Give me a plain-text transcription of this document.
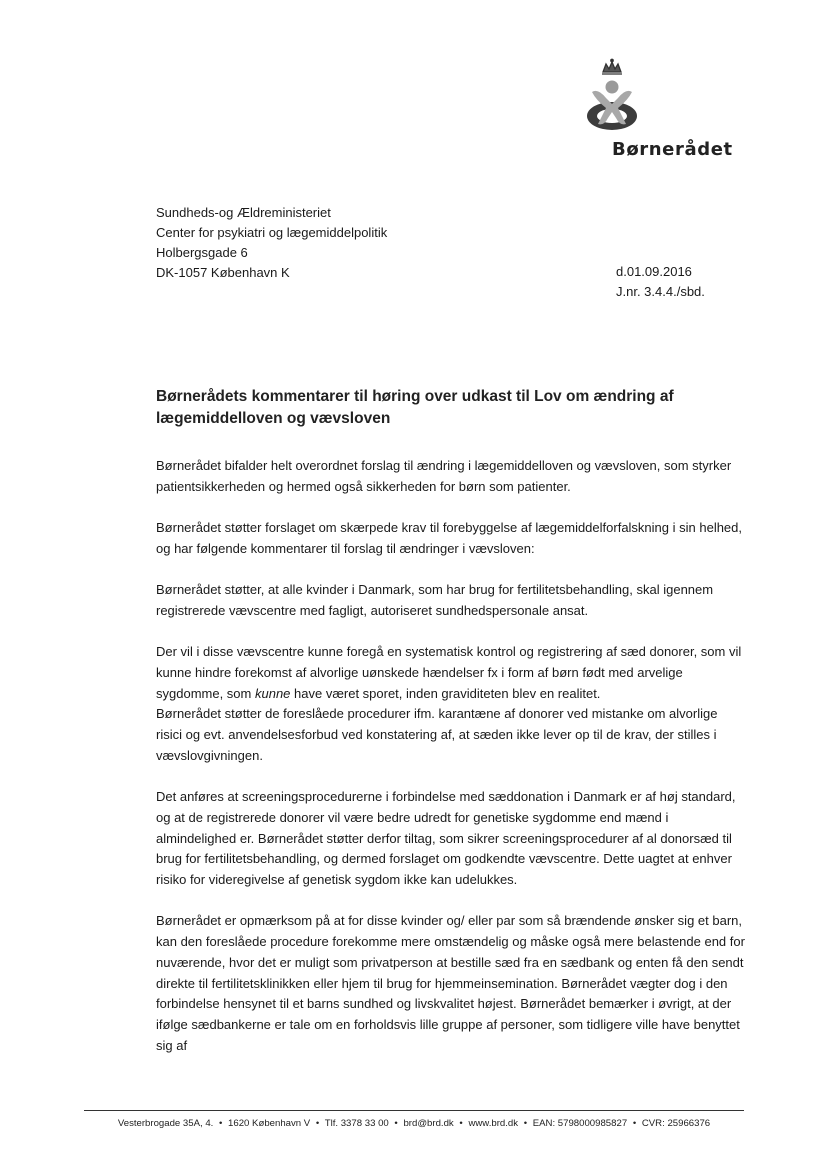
Børnerådet
Sundheds-og Ældreministeriet
Center for psykiatri og lægemiddelpolitik
Holbergsgade 6
DK-1057 København K	d.01.09.2016
J.nr. 3.4.4./sbd.
Børnerådets kommentarer til høring over udkast til Lov om ændring af lægemiddelloven og vævsloven

Børnerådet bifalder helt overordnet forslag til ændring i lægemiddelloven og vævsloven, som styrker patientsikkerheden og hermed også sikkerheden for børn som patienter.

Børnerådet støtter forslaget om skærpede krav til forebyggelse af lægemiddelforfalskning i sin helhed, og har følgende kommentarer til forslag til ændringer i vævsloven:

Børnerådet støtter, at alle kvinder i Danmark, som har brug for fertilitetsbehandling, skal igennem registrerede vævscentre med fagligt, autoriseret sundhedspersonale ansat.

Der vil i disse vævscentre kunne foregå en systematisk kontrol og registrering af sæd donorer, som vil kunne hindre forekomst af alvorlige uønskede hændelser fx i form af børn født med arvelige sygdomme, som kunne have været sporet, inden graviditeten blev en realitet.

Børnerådet støtter de foreslåede procedurer ifm. karantæne af donorer ved mistanke om alvorlige risici og evt. anvendelsesforbud ved konstatering af, at sæden ikke lever op til de krav, der stilles i vævslovgivningen.

Det anføres at screeningsprocedurerne i forbindelse med sæddonation i Danmark er af høj standard, og at de registrerede donorer vil være bedre udredt for genetiske sygdomme end mænd i almindelighed er. Børnerådet støtter derfor tiltag, som sikrer screeningsprocedurer af al donorsæd til brug for fertilitetsbehandling, og dermed forslaget om godkendte vævscentre. Dette uagtet at enhver risiko for videregivelse af genetisk sygdom ikke kan udelukkes.

Børnerådet er opmærksom på at for disse kvinder og/ eller par som så brændende ønsker sig et barn, kan den foreslåede procedure forekomme mere omstændelig og måske også mere belastende end for nuværende, hvor det er muligt som privatperson at bestille sæd fra en sædbank og enten få den sendt direkte til fertilitetsklinikken eller hjem til brug for hjemmeinsemination. Børnerådet vægter dog i den forbindelse hensynet til et barns sundhed og livskvalitet højest. Børnerådet bemærker i øvrigt, at der ifølge sædbankerne er tale om en forholdsvis lille gruppe af personer, som tidligere ville have benyttet sig af

Vesterbrogade 35A, 4. • 1620 København V • Tlf. 3378 33 00 • brd@brd.dk • www.brd.dk • EAN: 5798000985827 • CVR: 25966376
